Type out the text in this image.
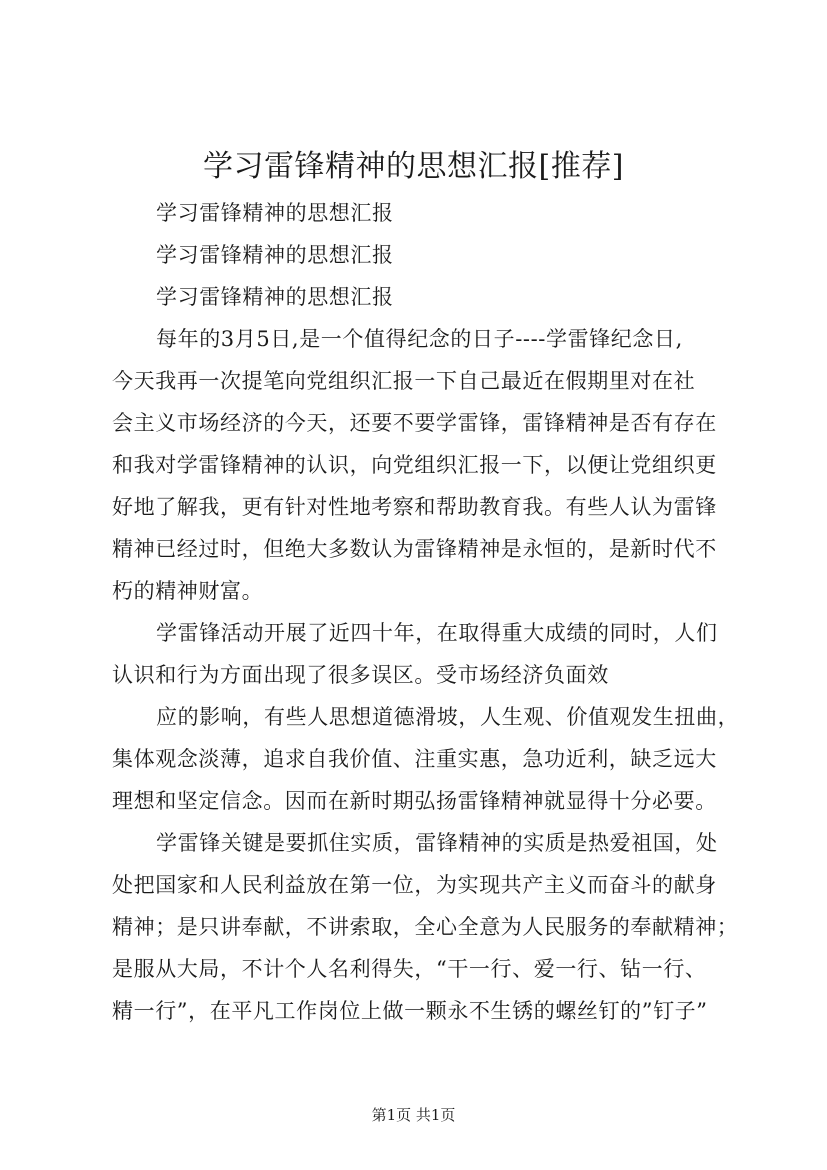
学习雷锋精神的思想汇报[推荐]
学习雷锋精神的思想汇报
学习雷锋精神的思想汇报
学习雷锋精神的思想汇报
每年的3月5日,是一个值得纪念的日子----学雷锋纪念日,
今天我再一次提笔向党组织汇报一下自己最近在假期里对在社
会主义市场经济的今天，还要不要学雷锋，雷锋精神是否有存在
和我对学雷锋精神的认识，向党组织汇报一下，以便让党组织更
好地了解我，更有针对性地考察和帮助教育我。有些人认为雷锋
精神已经过时，但绝大多数认为雷锋精神是永恒的，是新时代不
朽的精神财富。
学雷锋活动开展了近四十年，在取得重大成绩的同时，人们
认识和行为方面出现了很多误区。受市场经济负面效
应的影响，有些人思想道德滑坡，人生观、价值观发生扭曲，
集体观念淡薄，追求自我价值、注重实惠，急功近利，缺乏远大
理想和坚定信念。因而在新时期弘扬雷锋精神就显得十分必要。
学雷锋关键是要抓住实质，雷锋精神的实质是热爱祖国，处
处把国家和人民利益放在第一位，为实现共产主义而奋斗的献身
精神；是只讲奉献，不讲索取，全心全意为人民服务的奉献精神；
是服从大局，不计个人名利得失，“干一行、爱一行、钻一行、
精一行”，在平凡工作岗位上做一颗永不生锈的螺丝钉的”钉子”
第1页 共1页
